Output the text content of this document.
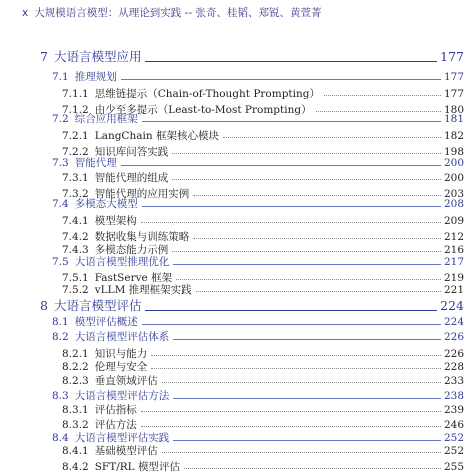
x 大规模语言模型：从理论到实践 -- 张奇、桂韬、郑锐、黄萱菁
7 大语言模型应用	177
7.1 推理规划	177
7.1.1 思维链提示（Chain-of-Thought Prompting）	177
7.1.2 由少至多提示（Least-to-Most Prompting）	180
7.2 综合应用框架	181
7.2.1 LangChain 框架核心模块	182
7.2.2 知识库问答实践	198
7.3 智能代理	200
7.3.1 智能代理的组成	200
7.3.2 智能代理的应用实例	203
7.4 多模态大模型	208
7.4.1 模型架构	209
7.4.2 数据收集与训练策略	212
7.4.3 多模态能力示例	216
7.5 大语言模型推理优化	217
7.5.1 FastServe 框架	219
7.5.2 vLLM 推理框架实践	221
8 大语言模型评估	224
8.1 模型评估概述	224
8.2 大语言模型评估体系	226
8.2.1 知识与能力	226
8.2.2 伦理与安全	228
8.2.3 垂直领域评估	233
8.3 大语言模型评估方法	238
8.3.1 评估指标	239
8.3.2 评估方法	246
8.4 大语言模型评估实践	252
8.4.1 基础模型评估	252
8.4.2 SFT/RL 模型评估	255
